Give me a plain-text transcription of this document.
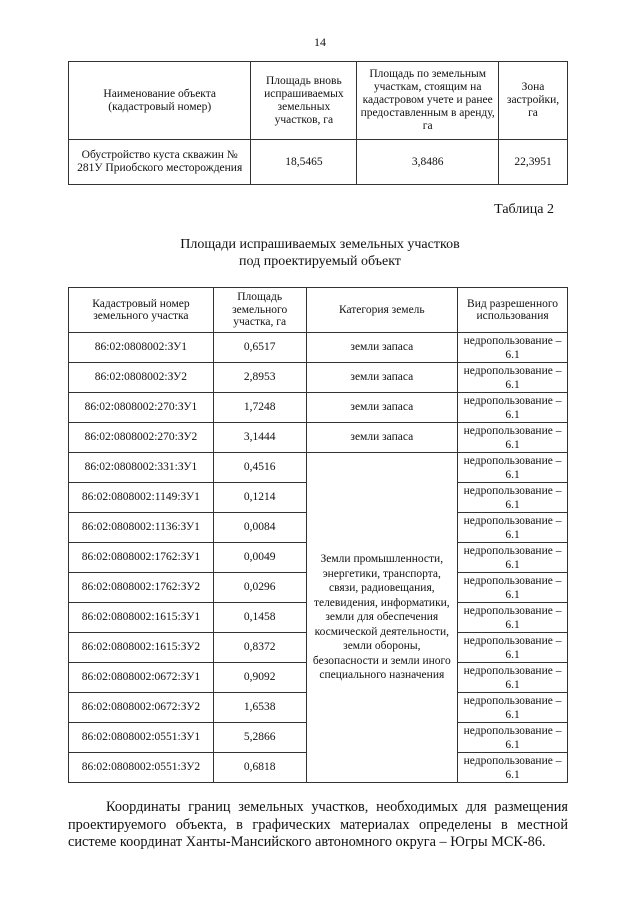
14
Наименование объекта (кадастровый номер)	Площадь вновь испрашиваемых земельных участков, га	Площадь по земельным участкам, стоящим на кадастровом учете и ранее предоставленным в аренду, га	Зона застройки, га
Обустройство куста скважин № 281У Приобского месторождения	18,5465	3,8486	22,3951
Таблица 2
Площади испрашиваемых земельных участков
под проектируемый объект
Кадастровый номер земельного участка	Площадь земельного участка, га	Категория земель	Вид разрешенного использования
86:02:0808002:ЗУ1	0,6517	земли запаса	недропользование – 6.1
86:02:0808002:ЗУ2	2,8953	земли запаса	недропользование – 6.1
86:02:0808002:270:ЗУ1	1,7248	земли запаса	недропользование – 6.1
86:02:0808002:270:ЗУ2	3,1444	земли запаса	недропользование – 6.1
86:02:0808002:331:ЗУ1	0,4516	Земли промышленности, энергетики, транспорта, связи, радиовещания, телевидения, информатики, земли для обеспечения космической деятельности, земли обороны, безопасности и земли иного специального назначения	недропользование – 6.1
86:02:0808002:1149:ЗУ1	0,1214		недропользование – 6.1
86:02:0808002:1136:ЗУ1	0,0084		недропользование – 6.1
86:02:0808002:1762:ЗУ1	0,0049		недропользование – 6.1
86:02:0808002:1762:ЗУ2	0,0296		недропользование – 6.1
86:02:0808002:1615:ЗУ1	0,1458		недропользование – 6.1
86:02:0808002:1615:ЗУ2	0,8372		недропользование – 6.1
86:02:0808002:0672:ЗУ1	0,9092		недропользование – 6.1
86:02:0808002:0672:ЗУ2	1,6538		недропользование – 6.1
86:02:0808002:0551:ЗУ1	5,2866		недропользование – 6.1
86:02:0808002:0551:ЗУ2	0,6818		недропользование – 6.1

Координаты границ земельных участков, необходимых для размещения проектируемого объекта, в графических материалах определены в местной системе координат Ханты-Мансийского автономного округа – Югры МСК-86.
